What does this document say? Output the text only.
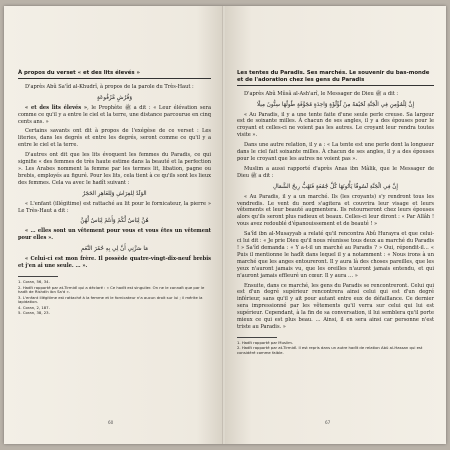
À propos du verset « et des lits élevés »

D'après Abû Sa'îd al-Khudrî, à propos de la parole du Très-Haut :

وَفُرُشٍ مَّرْفُوعَةٍ

« et des lits élevés », le Prophète ﷺ a dit : « Leur élévation sera comme ce qu'il y a entre le ciel et la terre, une distance parcourue en cinq cents ans. »

Certains savants ont dit à propos de l'exégèse de ce verset : Les literies, dans les degrés et entre les degrés, seront comme ce qu'il y a entre le ciel et la terre.

D'autres ont dit que les lits évoquent les femmes du Paradis, ce qui signifie « des femmes de très haute estime dans la beauté et la perfection ». Les Arabes nomment la femme par les termes lit, libation, pagne ou brebis, employés au figuré. Pour les lits, cela tient à ce qu'ils sont les lieux des femmes. Cela va avec le hadît suivant :

الوَلَدُ لِلفِرَاشِ وَلِلعَاهِرِ الحَجَرُ

« L'enfant (illégitime) est rattaché au lit pour le fornicateur, la pierre » Le Très-Haut a dit :

هُنَّ لِبَاسٌ لَّكُمْ وَأَنتُمْ لِبَاسٌ لَّهُنَّ

« … elles sont un vêtement pour vous et vous êtes un vêtement pour elles ».

مَا سَرَّنِي أَنَّ لِي بِهِ حُمْرَ النَّعَمِ

« Celui-ci est mon frère. Il possède quatre-vingt-dix-neuf brebis et j'en ai une seule. … ».

1. Coran, 56, 34.
2. Hadît rapporté par at-Tirmidî qui a déclaré : « Ce hadît est singulier. On ne le connaît que par le hadît de Rishdîn ibn Sa'd ».
3. L'enfant illégitime est rattaché à la femme et le fornicateur n'a aucun droit sur lui ; il mérite la lapidation.
4. Coran, 2, 187.
5. Coran, 38, 23.
60
Les tentes du Paradis. Ses marchés. Le souvenir du bas-monde et de l'adoration chez les gens du Paradis

D'après Abû Mûsâ al-Ash'arî, le Messager de Dieu ﷺ a dit :

إِنَّ لِلْمُؤْمِنِ فِي الْجَنَّةِ لَخَيْمَةً مِنْ لُؤْلُؤَةٍ وَاحِدَةٍ مُجَوَّفَةٍ طُولُهَا سِتُّونَ مِيلًا

« Au Paradis, il y a une tente faite d'une seule perle creuse. Sa largeur est de soixante milles. À chacun de ses angles, il y a des épouses pour le croyant et celles-ci ne voient pas les autres. Le croyant leur rendra toutes visite ».

Dans une autre relation, il y a : « La tente est une perle dont la longueur dans le ciel fait soixante milles. À chacun de ses angles, il y a des épouses pour le croyant que les autres ne voient pas ».

Muslim a aussi rapporté d'après Anas ibn Mâlik, que le Messager de Dieu ﷺ a dit :

إِنَّ فِي الْجَنَّةِ لَسُوقًا يَأْتُونَهَا كُلَّ جُمُعَةٍ فَتَهُبُّ رِيحُ الشَّمَالِ

« Au Paradis, il y a un marché. Ils (les croyants) s'y rendront tous les vendredis. Le vent du nord s'agitera et couvrira leur visage et leurs vêtements et leur beauté augmentera. Ils retourneront chez leurs épouses alors qu'ils seront plus radieux et beaux. Celles-ci leur diront : « Par Allâh ! vous avez redoublé d'épanouissement et de beauté ! »

Sa'îd ibn al-Musayyab a relaté qu'il rencontra Abû Hurayra et que celui-ci lui dit : « Je prie Dieu qu'il nous réunisse tous deux au marché du Paradis ! » Sa'îd demanda : « Y a-t-il un marché au Paradis ? » Oui, répondit-il… « Puis il mentionne le hadît dans lequel il y a notamment : « Nous irons à un marché que les anges entoureront. Il y aura là des choses pareilles, que les yeux n'auront jamais vu, que les oreilles n'auront jamais entendu, et qui n'auront jamais effleuré un cœur. Il y aura … »

Ensuite, dans ce marché, les gens du Paradis se rencontreront. Celui qui est d'un degré supérieur rencontrera ainsi celui qui est d'un degré inférieur, sans qu'il y ait pour autant entre eux de défaillance. Ce dernier sera impressionné par les vêtements qu'il verra sur celui qui lui est supérieur. Cependant, à la fin de sa conversation, il lui semblera qu'il porte mieux ce qui est plus beau. … Ainsi, il en sera ainsi car personne n'est triste au Paradis. »

1. Hadît rapporté par Muslim.
2. Hadît rapporté par at-Tirmidî. Il est repris dans un autre hadît de relation Abû al-Hassan qui est considéré comme faible.
67
